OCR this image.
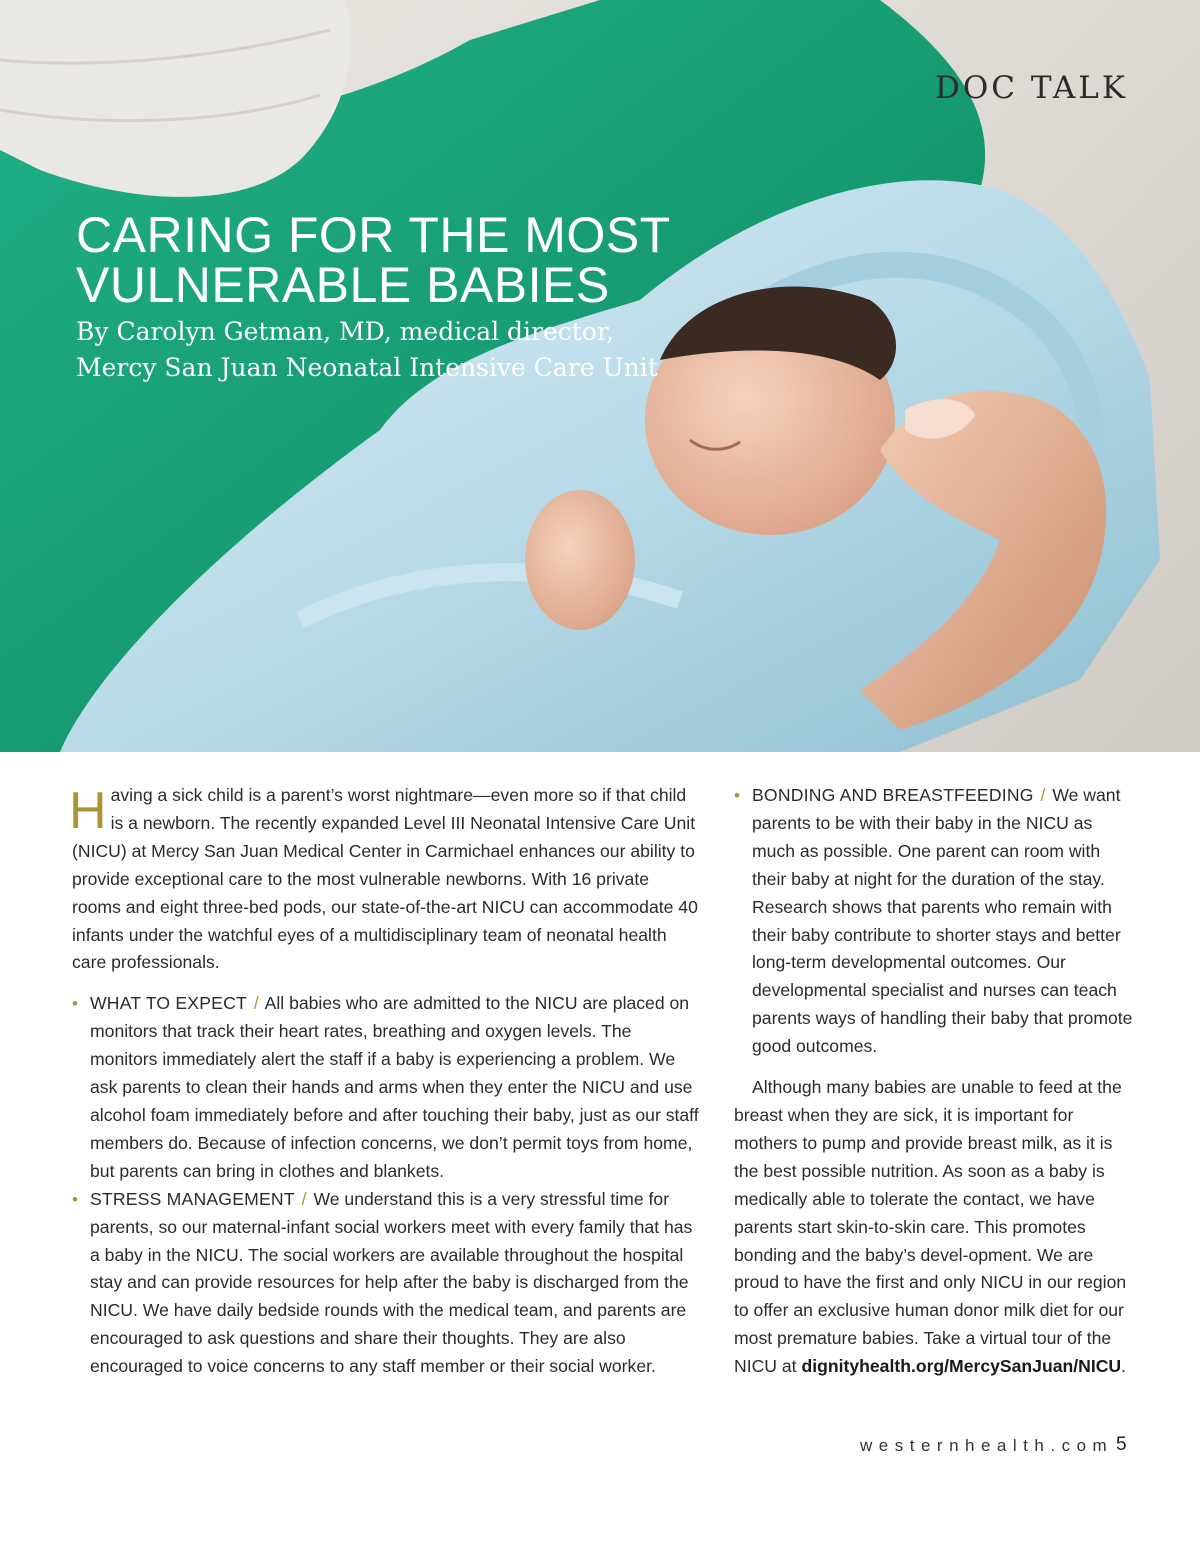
DOC TALK
CARING FOR THE MOST VULNERABLE BABIES
By Carolyn Getman, MD, medical director, Mercy San Juan Neonatal Intensive Care Unit

Having a sick child is a parent’s worst nightmare—even more so if that child is a newborn. The recently expanded Level III Neonatal Intensive Care Unit (NICU) at Mercy San Juan Medical Center in Carmichael enhances our ability to provide exceptional care to the most vulnerable newborns. With 16 private rooms and eight three-bed pods, our state-of-the-art NICU can accommodate 40 infants under the watchful eyes of a multidisciplinary team of neonatal health care professionals.

• WHAT TO EXPECT / All babies who are admitted to the NICU are placed on monitors that track their heart rates, breathing and oxygen levels. The monitors immediately alert the staff if a baby is experiencing a problem. We ask parents to clean their hands and arms when they enter the NICU and use alcohol foam immediately before and after touching their baby, just as our staff members do. Because of infection concerns, we don’t permit toys from home, but parents can bring in clothes and blankets.
• STRESS MANAGEMENT / We understand this is a very stressful time for parents, so our maternal-infant social workers meet with every family that has a baby in the NICU. The social workers are available throughout the hospital stay and can provide resources for help after the baby is discharged from the NICU. We have daily bedside rounds with the medical team, and parents are encouraged to ask questions and share their thoughts. They are also encouraged to voice concerns to any staff member or their social worker.
• BONDING AND BREASTFEEDING / We want parents to be with their baby in the NICU as much as possible. One parent can room with their baby at night for the duration of the stay. Research shows that parents who remain with their baby contribute to shorter stays and better long-term developmental outcomes. Our developmental specialist and nurses can teach parents ways of handling their baby that promote good outcomes.

Although many babies are unable to feed at the breast when they are sick, it is important for mothers to pump and provide breast milk, as it is the best possible nutrition. As soon as a baby is medically able to tolerate the contact, we have parents start skin-to-skin care. This promotes bonding and the baby’s devel-opment. We are proud to have the first and only NICU in our region to offer an exclusive human donor milk diet for our most premature babies. Take a virtual tour of the NICU at dignityhealth.org/MercySanJuan/NICU.

westernhealth.com 5
